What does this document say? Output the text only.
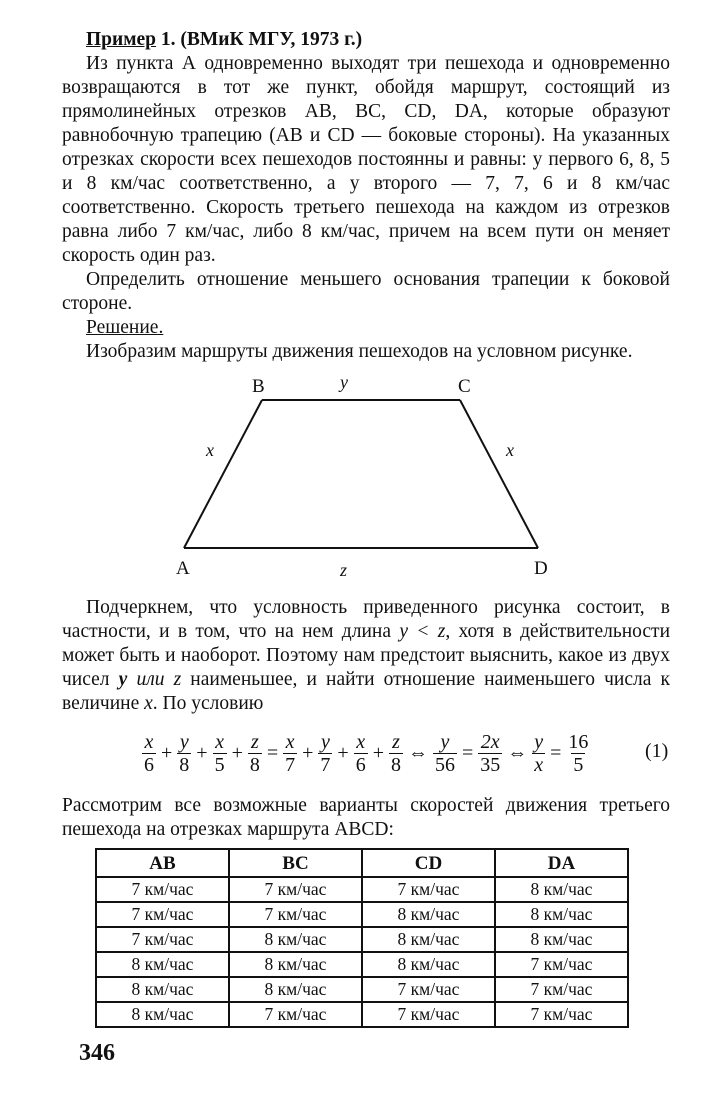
Пример 1. (ВМиК МГУ, 1973 г.)
Из пункта А одновременно выходят три пешехода и одновременно возвращаются в тот же пункт, обойдя маршрут, состоящий из прямолинейных отрезков АВ, ВС, CD, DA, которые образуют равнобочную трапецию (АВ и CD — боковые стороны). На указанных отрезках скорости всех пешеходов постоянны и равны: у первого 6, 8, 5 и 8 км/час соответственно, а у второго — 7, 7, 6 и 8 км/час соответственно. Скорость третьего пешехода на каждом из отрезков равна либо 7 км/час, либо 8 км/час, причем на всем пути он меняет скорость один раз.
Определить отношение меньшего основания трапеции к боковой стороне.
Решение.
Изобразим маршруты движения пешеходов на условном рисунке.
B	C
A	D
y
x	x
z
Подчеркнем, что условность приведенного рисунка состоит, в частности, и в том, что на нем длина y < z, хотя в действительности может быть и наоборот. Поэтому нам предстоит выяснить, какое из двух чисел y или z наименьшее, и найти отношение наименьшего числа к величине x. По условию
$\frac{x}{6} + \frac{y}{8} + \frac{x}{5} + \frac{z}{8} = \frac{x}{7} + \frac{y}{7} + \frac{x}{6} + \frac{z}{8}$ ⇔ $\frac{y}{56} = \frac{2x}{35}$ ⇔ $\frac{y}{x} = \frac{16}{5}$	(1)
Рассмотрим все возможные варианты скоростей движения третьего пешехода на отрезках маршрута ABCD:
AB	BC	CD	DA
7 км/час	7 км/час	7 км/час	8 км/час
7 км/час	7 км/час	8 км/час	8 км/час
7 км/час	8 км/час	8 км/час	8 км/час
8 км/час	8 км/час	8 км/час	7 км/час
8 км/час	8 км/час	7 км/час	7 км/час
8 км/час	7 км/час	7 км/час	7 км/час
346
